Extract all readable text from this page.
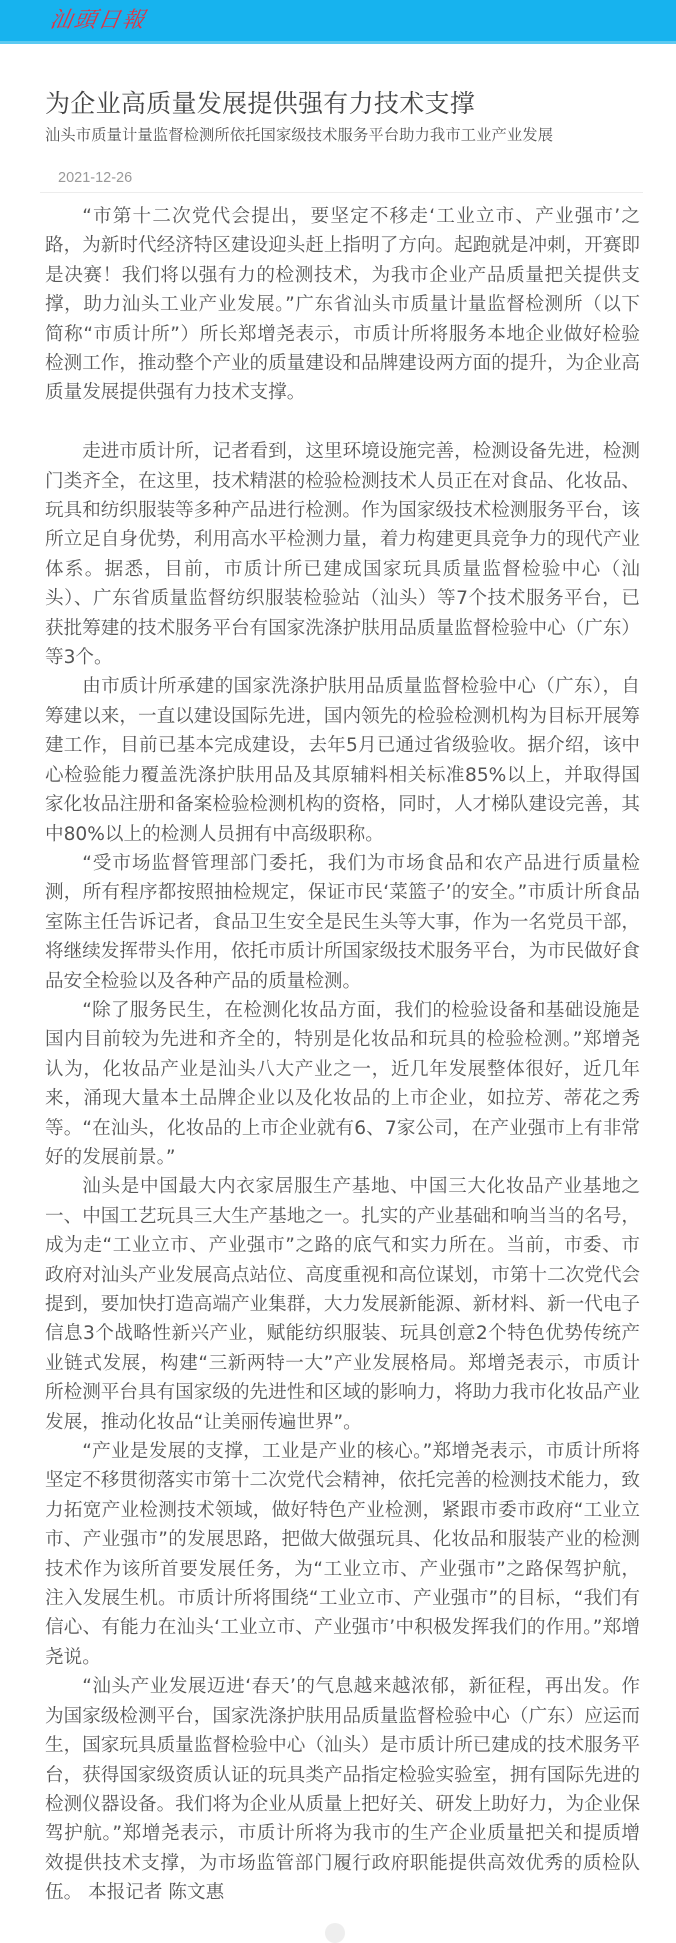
汕頭日報
为企业高质量发展提供强有力技术支撑
汕头市质量计量监督检测所依托国家级技术服务平台助力我市工业产业发展
2021-12-26

“市第十二次党代会提出，要坚定不移走‘工业立市、产业强市’之路，为新时代经济特区建设迎头赶上指明了方向。起跑就是冲刺，开赛即是决赛！我们将以强有力的检测技术，为我市企业产品质量把关提供支撑，助力汕头工业产业发展。”广东省汕头市质量计量监督检测所（以下简称“市质计所”）所长郑增尧表示，市质计所将服务本地企业做好检验检测工作，推动整个产业的质量建设和品牌建设两方面的提升，为企业高质量发展提供强有力技术支撑。

走进市质计所，记者看到，这里环境设施完善，检测设备先进，检测门类齐全，在这里，技术精湛的检验检测技术人员正在对食品、化妆品、玩具和纺织服装等多种产品进行检测。作为国家级技术检测服务平台，该所立足自身优势，利用高水平检测力量，着力构建更具竞争力的现代产业体系。据悉，目前，市质计所已建成国家玩具质量监督检验中心（汕头）、广东省质量监督纺织服装检验站（汕头）等7个技术服务平台，已获批筹建的技术服务平台有国家洗涤护肤用品质量监督检验中心（广东）等3个。

由市质计所承建的国家洗涤护肤用品质量监督检验中心（广东），自筹建以来，一直以建设国际先进，国内领先的检验检测机构为目标开展筹建工作，目前已基本完成建设，去年5月已通过省级验收。据介绍，该中心检验能力覆盖洗涤护肤用品及其原辅料相关标准85%以上，并取得国家化妆品注册和备案检验检测机构的资格，同时，人才梯队建设完善，其中80%以上的检测人员拥有中高级职称。

“受市场监督管理部门委托，我们为市场食品和农产品进行质量检测，所有程序都按照抽检规定，保证市民‘菜篮子’的安全。”市质计所食品室陈主任告诉记者，食品卫生安全是民生头等大事，作为一名党员干部，将继续发挥带头作用，依托市质计所国家级技术服务平台，为市民做好食品安全检验以及各种产品的质量检测。

“除了服务民生，在检测化妆品方面，我们的检验设备和基础设施是国内目前较为先进和齐全的，特别是化妆品和玩具的检验检测。”郑增尧认为，化妆品产业是汕头八大产业之一，近几年发展整体很好，近几年来，涌现大量本土品牌企业以及化妆品的上市企业，如拉芳、蒂花之秀等。“在汕头，化妆品的上市企业就有6、7家公司，在产业强市上有非常好的发展前景。”

汕头是中国最大内衣家居服生产基地、中国三大化妆品产业基地之一、中国工艺玩具三大生产基地之一。扎实的产业基础和响当当的名号，成为走“工业立市、产业强市”之路的底气和实力所在。当前，市委、市政府对汕头产业发展高点站位、高度重视和高位谋划，市第十二次党代会提到，要加快打造高端产业集群，大力发展新能源、新材料、新一代电子信息3个战略性新兴产业，赋能纺织服装、玩具创意2个特色优势传统产业链式发展，构建“三新两特一大”产业发展格局。郑增尧表示，市质计所检测平台具有国家级的先进性和区域的影响力，将助力我市化妆品产业发展，推动化妆品“让美丽传遍世界”。

“产业是发展的支撑，工业是产业的核心。”郑增尧表示，市质计所将坚定不移贯彻落实市第十二次党代会精神，依托完善的检测技术能力，致力拓宽产业检测技术领域，做好特色产业检测，紧跟市委市政府“工业立市、产业强市”的发展思路，把做大做强玩具、化妆品和服装产业的检测技术作为该所首要发展任务，为“工业立市、产业强市”之路保驾护航，注入发展生机。市质计所将围绕“工业立市、产业强市”的目标，“我们有信心、有能力在汕头‘工业立市、产业强市’中积极发挥我们的作用。”郑增尧说。

“汕头产业发展迈进‘春天’的气息越来越浓郁，新征程，再出发。作为国家级检测平台，国家洗涤护肤用品质量监督检验中心（广东）应运而生，国家玩具质量监督检验中心（汕头）是市质计所已建成的技术服务平台，获得国家级资质认证的玩具类产品指定检验实验室，拥有国际先进的检测仪器设备。我们将为企业从质量上把好关、研发上助好力，为企业保驾护航。”郑增尧表示，市质计所将为我市的生产企业质量把关和提质增效提供技术支撑，为市场监管部门履行政府职能提供高效优秀的质检队伍。 本报记者 陈文惠
